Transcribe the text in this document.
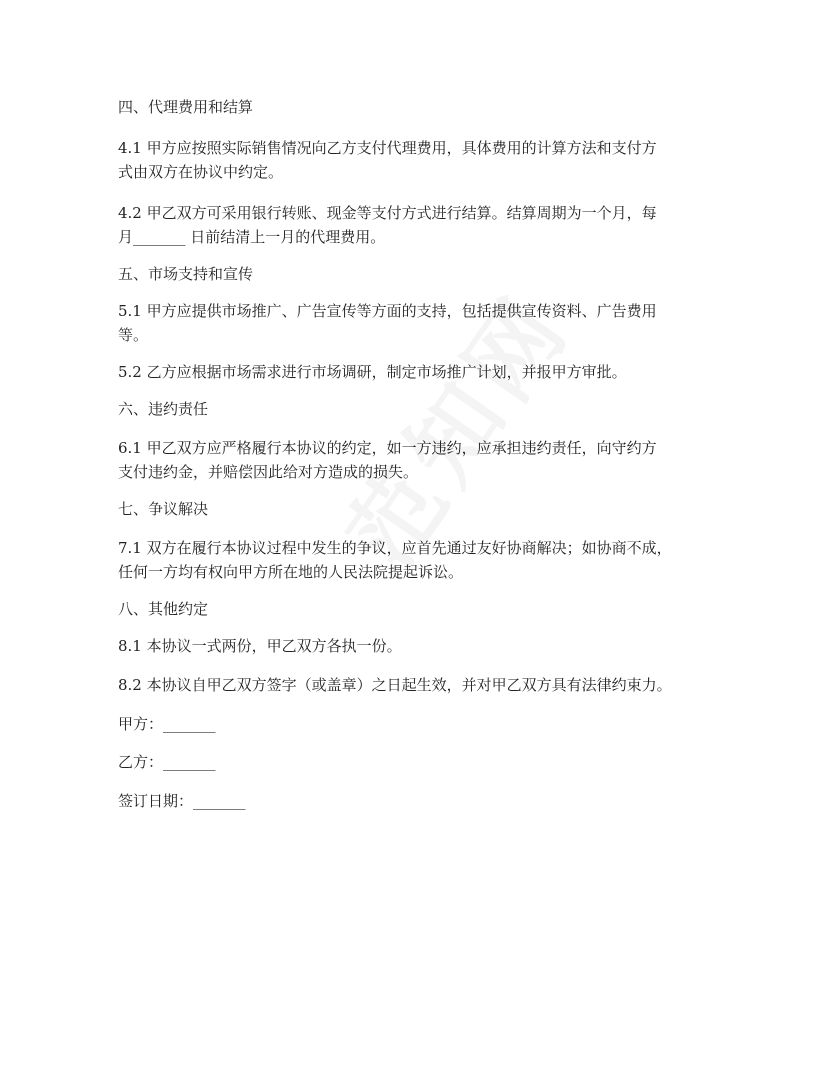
四、代理费用和结算

4.1 甲方应按照实际销售情况向乙方支付代理费用，具体费用的计算方法和支付方

式由双方在协议中约定。

4.2 甲乙双方可采用银行转账、现金等支付方式进行结算。结算周期为一个月，每

月_______ 日前结清上一月的代理费用。

五、市场支持和宣传

5.1 甲方应提供市场推广、广告宣传等方面的支持，包括提供宣传资料、广告费用

等。

5.2 乙方应根据市场需求进行市场调研，制定市场推广计划，并报甲方审批。

六、违约责任

6.1 甲乙双方应严格履行本协议的约定，如一方违约，应承担违约责任，向守约方

支付违约金，并赔偿因此给对方造成的损失。

七、争议解决

7.1 双方在履行本协议过程中发生的争议，应首先通过友好协商解决；如协商不成，

任何一方均有权向甲方所在地的人民法院提起诉讼。

八、其他约定

8.1 本协议一式两份，甲乙双方各执一份。

8.2 本协议自甲乙双方签字（或盖章）之日起生效，并对甲乙双方具有法律约束力。

甲方：_______

乙方：_______

签订日期：_______
